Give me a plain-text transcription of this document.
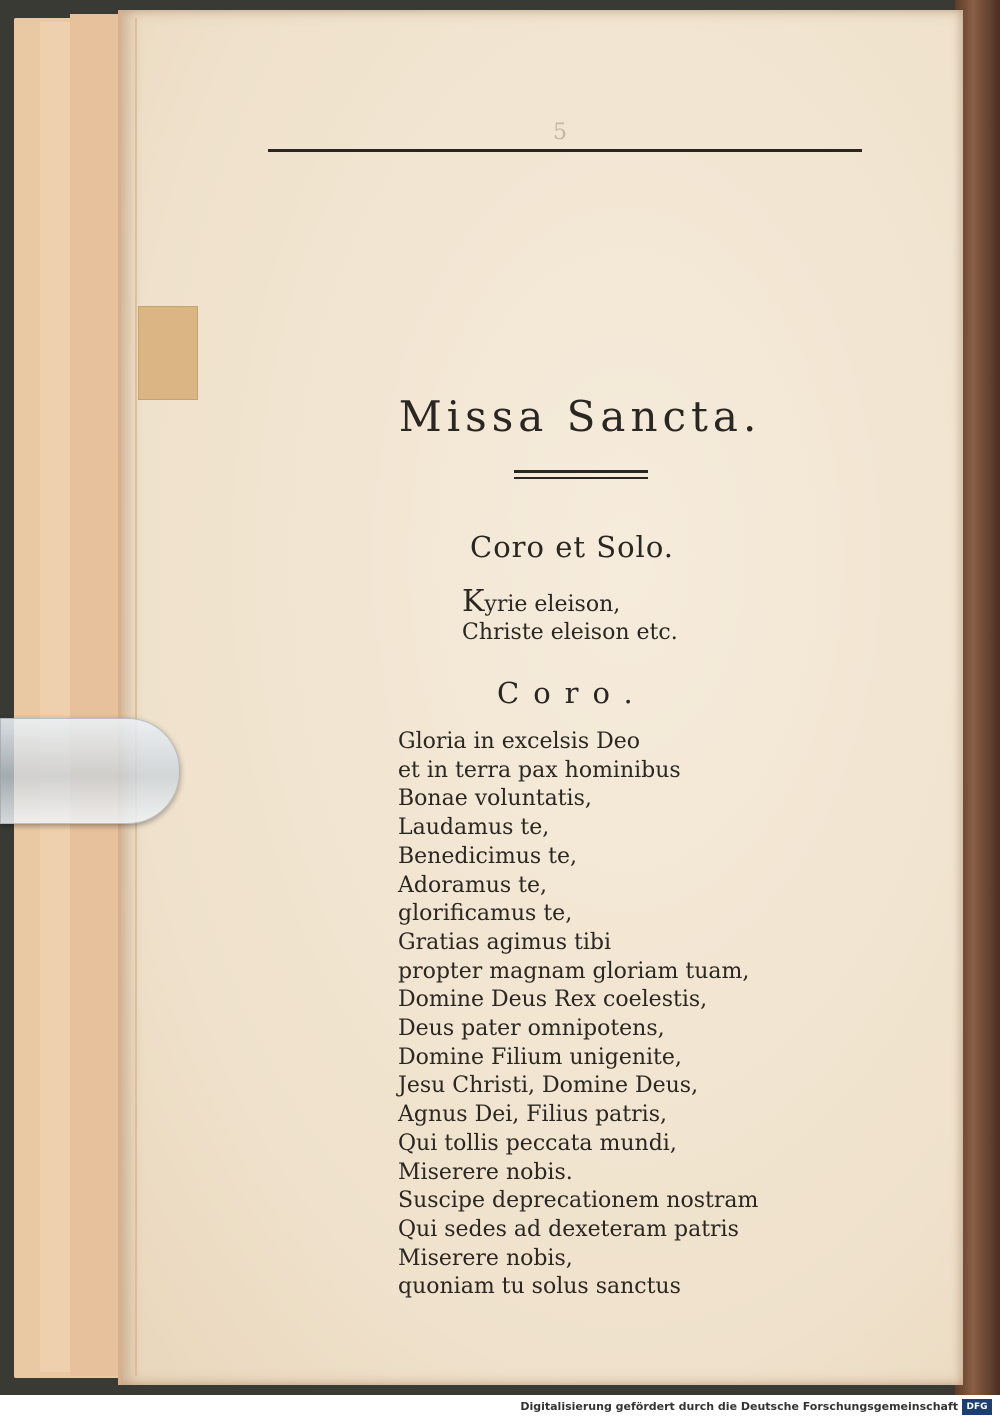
5
Missa Sancta.
Coro et Solo.
Kyrie eleison,
Christe eleison etc.
Coro.
Gloria in excelsis Deo
et in terra pax hominibus
Bonae voluntatis,
Laudamus te,
Benedicimus te,
Adoramus te,
glorificamus te,
Gratias agimus tibi
propter magnam gloriam tuam,
Domine Deus Rex coelestis,
Deus pater omnipotens,
Domine Filium unigenite,
Jesu Christi, Domine Deus,
Agnus Dei, Filius patris,
Qui tollis peccata mundi,
Miserere nobis.
Suscipe deprecationem nostram
Qui sedes ad dexeteram patris
Miserere nobis,
quoniam tu solus sanctus
Digitalisierung gefördert durch die Deutsche Forschungsgemeinschaft DFG
